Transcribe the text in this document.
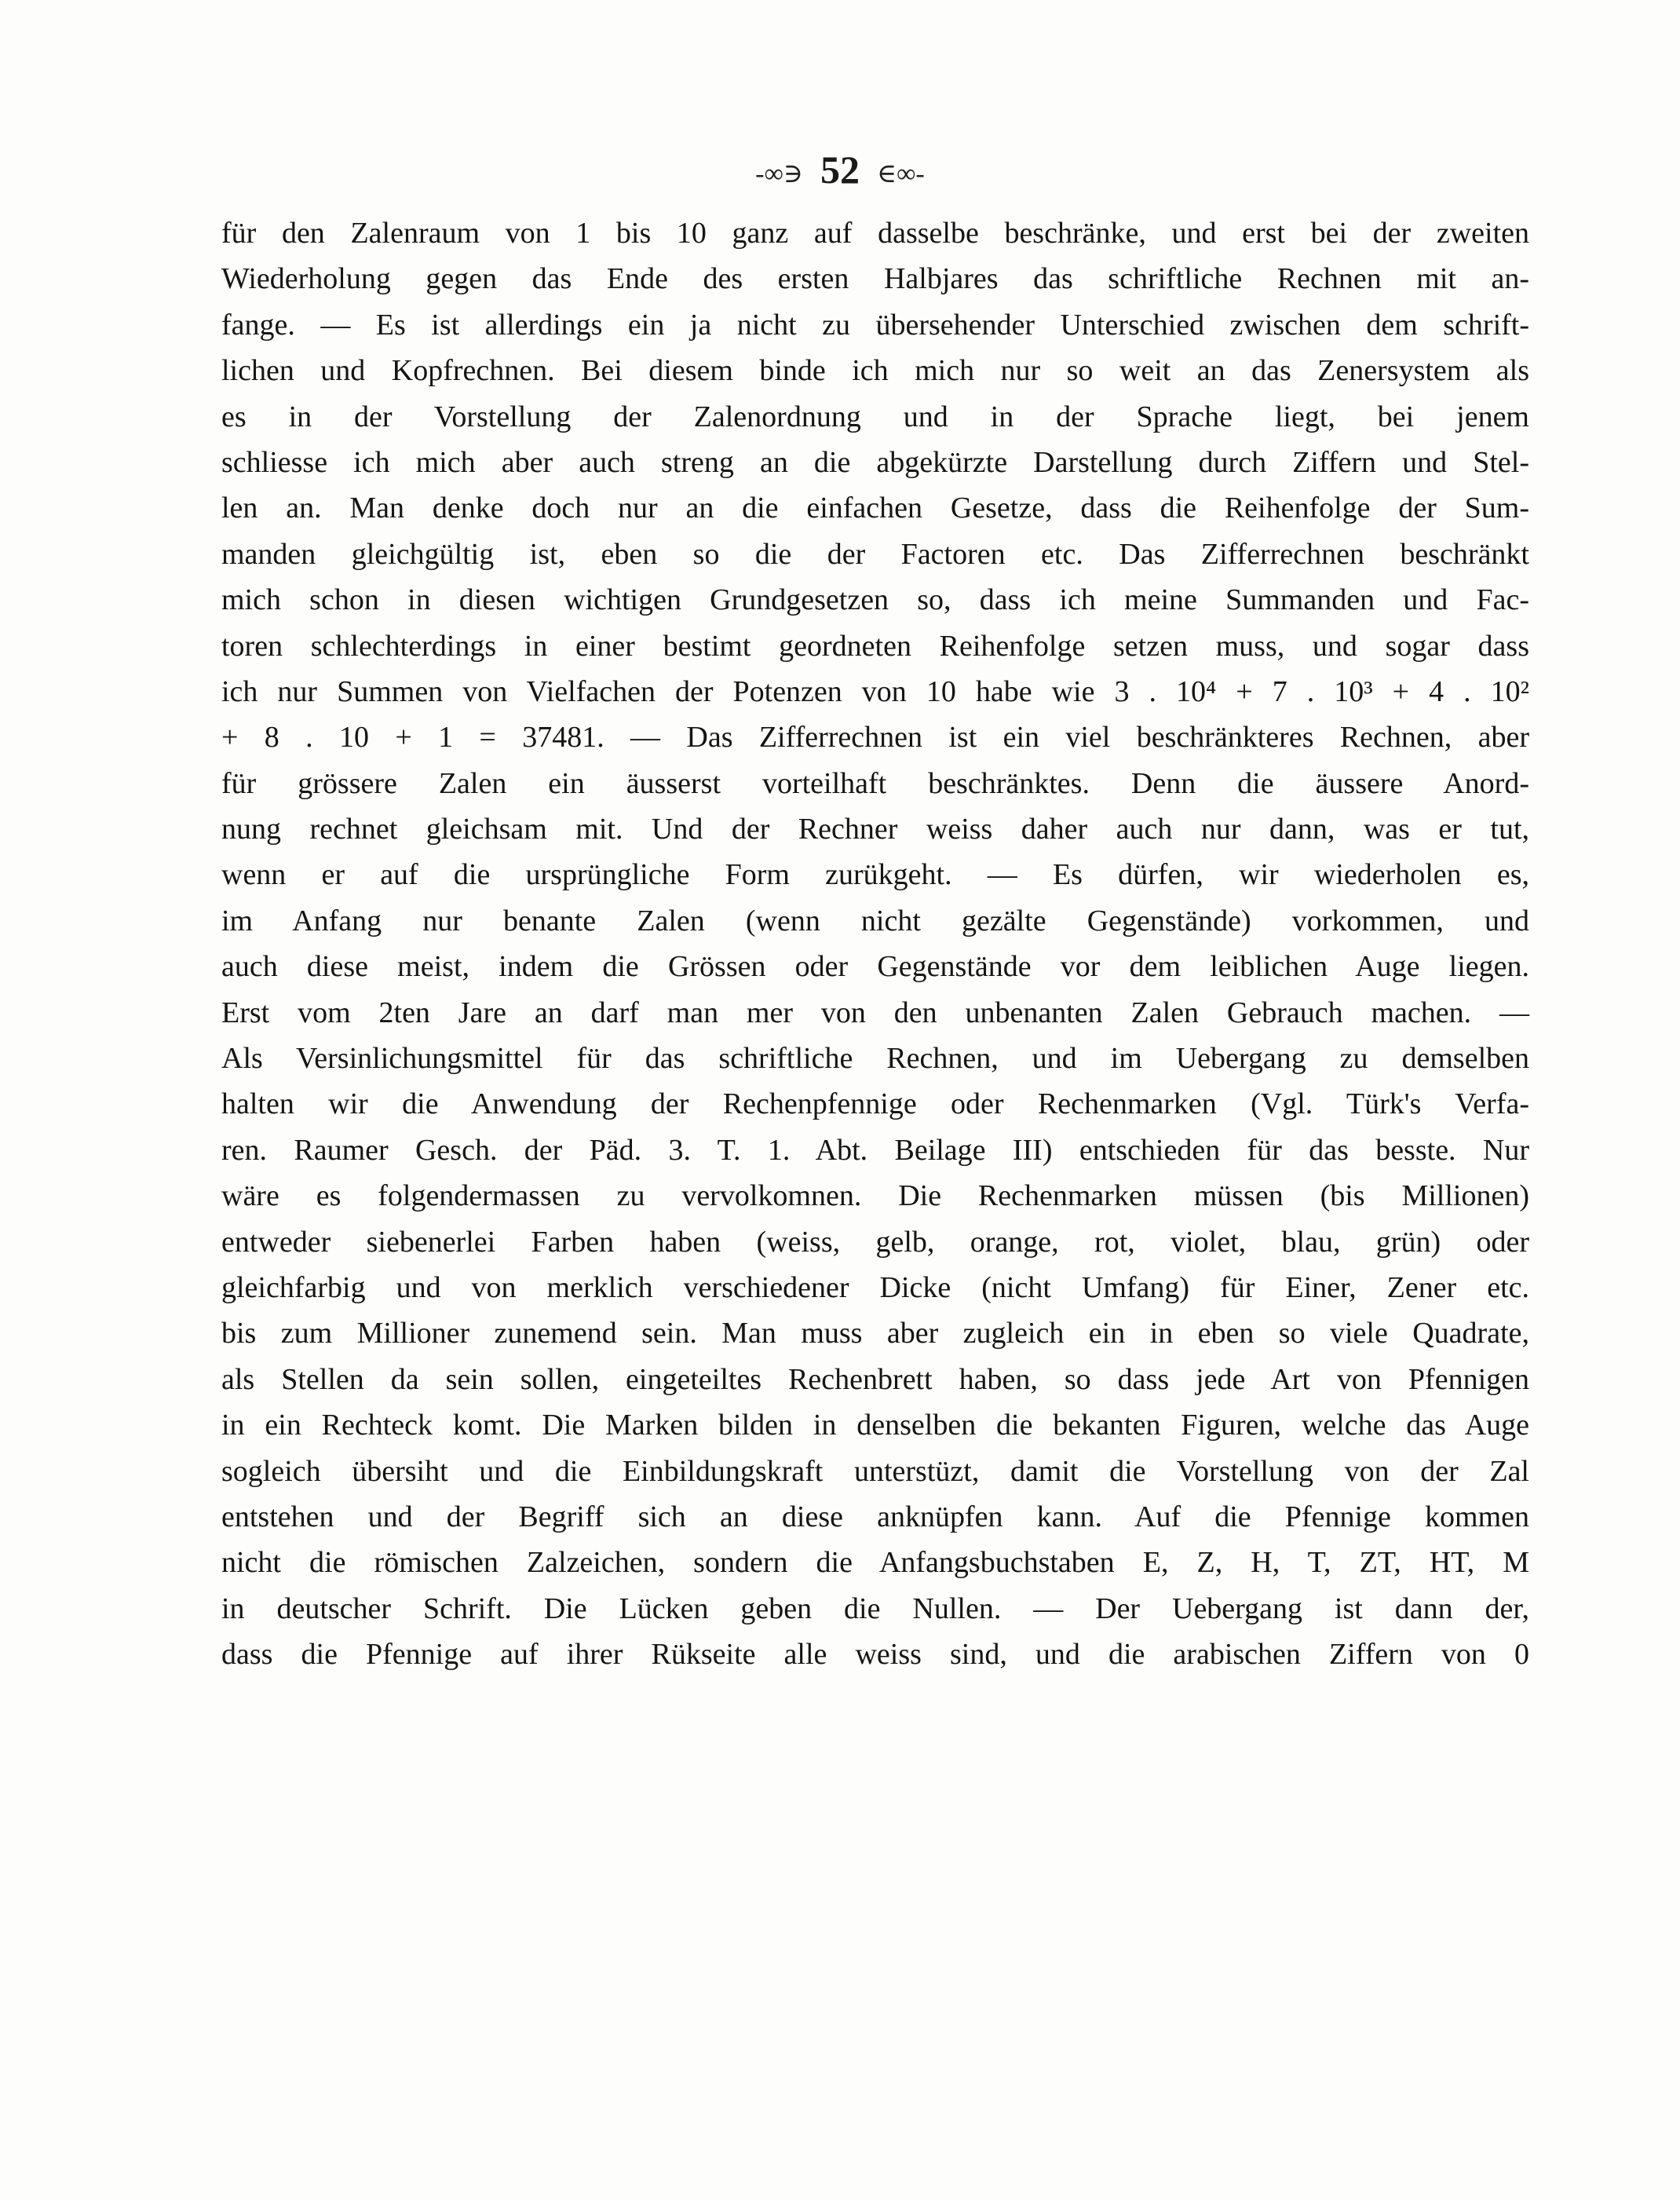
-∞∋ 52 ∈∞-
für den Zalenraum von 1 bis 10 ganz auf dasselbe beschränke, und erst bei der zweiten
Wiederholung gegen das Ende des ersten Halbjares das schriftliche Rechnen mit an-
fange. — Es ist allerdings ein ja nicht zu übersehender Unterschied zwischen dem schrift-
lichen und Kopfrechnen. Bei diesem binde ich mich nur so weit an das Zenersystem als
es in der Vorstellung der Zalenordnung und in der Sprache liegt, bei jenem
schliesse ich mich aber auch streng an die abgekürzte Darstellung durch Ziffern und Stel-
len an. Man denke doch nur an die einfachen Gesetze, dass die Reihenfolge der Sum-
manden gleichgültig ist, eben so die der Factoren etc. Das Zifferrechnen beschränkt
mich schon in diesen wichtigen Grundgesetzen so, dass ich meine Summanden und Fac-
toren schlechterdings in einer bestimt geordneten Reihenfolge setzen muss, und sogar dass
ich nur Summen von Vielfachen der Potenzen von 10 habe wie 3 . 10⁴ + 7 . 10³ + 4 . 10²
+ 8 . 10 + 1 = 37481. — Das Zifferrechnen ist ein viel beschränkteres Rechnen, aber
für grössere Zalen ein äusserst vorteilhaft beschränktes. Denn die äussere Anord-
nung rechnet gleichsam mit. Und der Rechner weiss daher auch nur dann, was er tut,
wenn er auf die ursprüngliche Form zurükgeht. — Es dürfen, wir wiederholen es,
im Anfang nur benante Zalen (wenn nicht gezälte Gegenstände) vorkommen, und
auch diese meist, indem die Grössen oder Gegenstände vor dem leiblichen Auge liegen.
Erst vom 2ten Jare an darf man mer von den unbenanten Zalen Gebrauch machen. —
Als Versinlichungsmittel für das schriftliche Rechnen, und im Uebergang zu demselben
halten wir die Anwendung der Rechenpfennige oder Rechenmarken (Vgl. Türk's Verfa-
ren. Raumer Gesch. der Päd. 3. T. 1. Abt. Beilage III) entschieden für das besste. Nur
wäre es folgendermassen zu vervolkomnen. Die Rechenmarken müssen (bis Millionen)
entweder siebenerlei Farben haben (weiss, gelb, orange, rot, violet, blau, grün) oder
gleichfarbig und von merklich verschiedener Dicke (nicht Umfang) für Einer, Zener etc.
bis zum Millioner zunemend sein. Man muss aber zugleich ein in eben so viele Quadrate,
als Stellen da sein sollen, eingeteiltes Rechenbrett haben, so dass jede Art von Pfennigen
in ein Rechteck komt. Die Marken bilden in denselben die bekanten Figuren, welche das Auge
sogleich übersiht und die Einbildungskraft unterstüzt, damit die Vorstellung von der Zal
entstehen und der Begriff sich an diese anknüpfen kann. Auf die Pfennige kommen
nicht die römischen Zalzeichen, sondern die Anfangsbuchstaben E, Z, H, T, ZT, HT, M
in deutscher Schrift. Die Lücken geben die Nullen. — Der Uebergang ist dann der,
dass die Pfennige auf ihrer Rükseite alle weiss sind, und die arabischen Ziffern von 0
